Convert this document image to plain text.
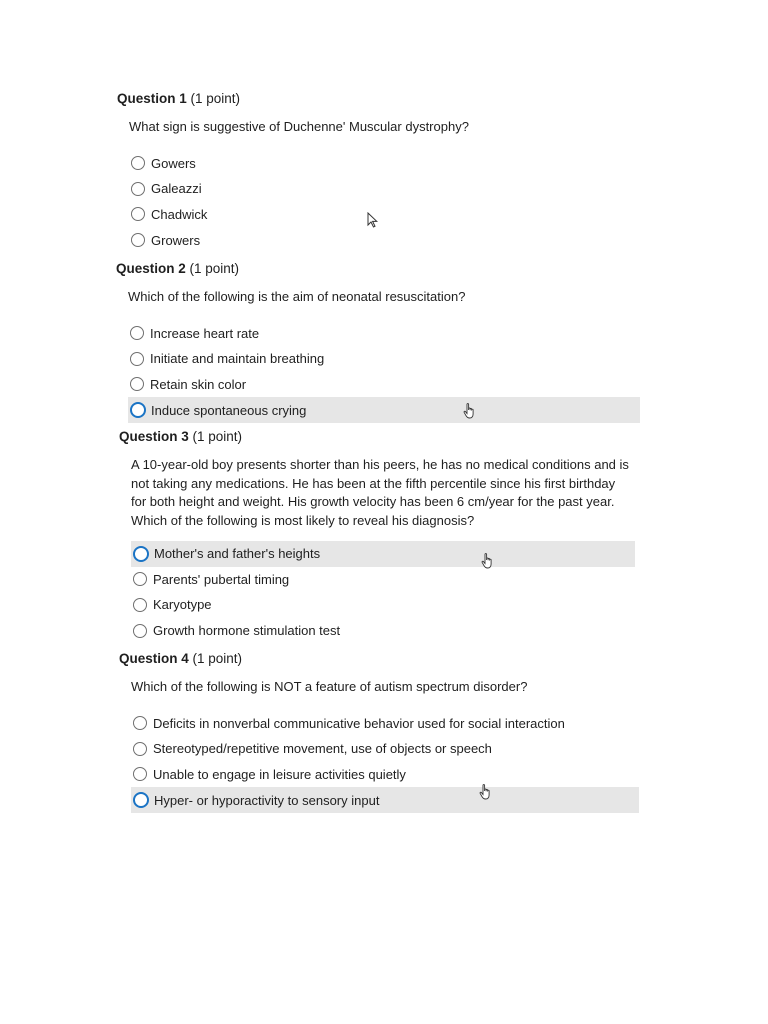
Question 1 (1 point)

What sign is suggestive of Duchenne' Muscular dystrophy?

Gowers
Galeazzi
Chadwick
Growers

Question 2 (1 point)

Which of the following is the aim of neonatal resuscitation?

Increase heart rate
Initiate and maintain breathing
Retain skin color
Induce spontaneous crying

Question 3 (1 point)

A 10-year-old boy presents shorter than his peers, he has no medical conditions and is not taking any medications. He has been at the fifth percentile since his first birthday for both height and weight. His growth velocity has been 6 cm/year for the past year. Which of the following is most likely to reveal his diagnosis?

Mother's and father's heights
Parents' pubertal timing
Karyotype
Growth hormone stimulation test

Question 4 (1 point)

Which of the following is NOT a feature of autism spectrum disorder?

Deficits in nonverbal communicative behavior used for social interaction
Stereotyped/repetitive movement, use of objects or speech
Unable to engage in leisure activities quietly
Hyper- or hyporactivity to sensory input
